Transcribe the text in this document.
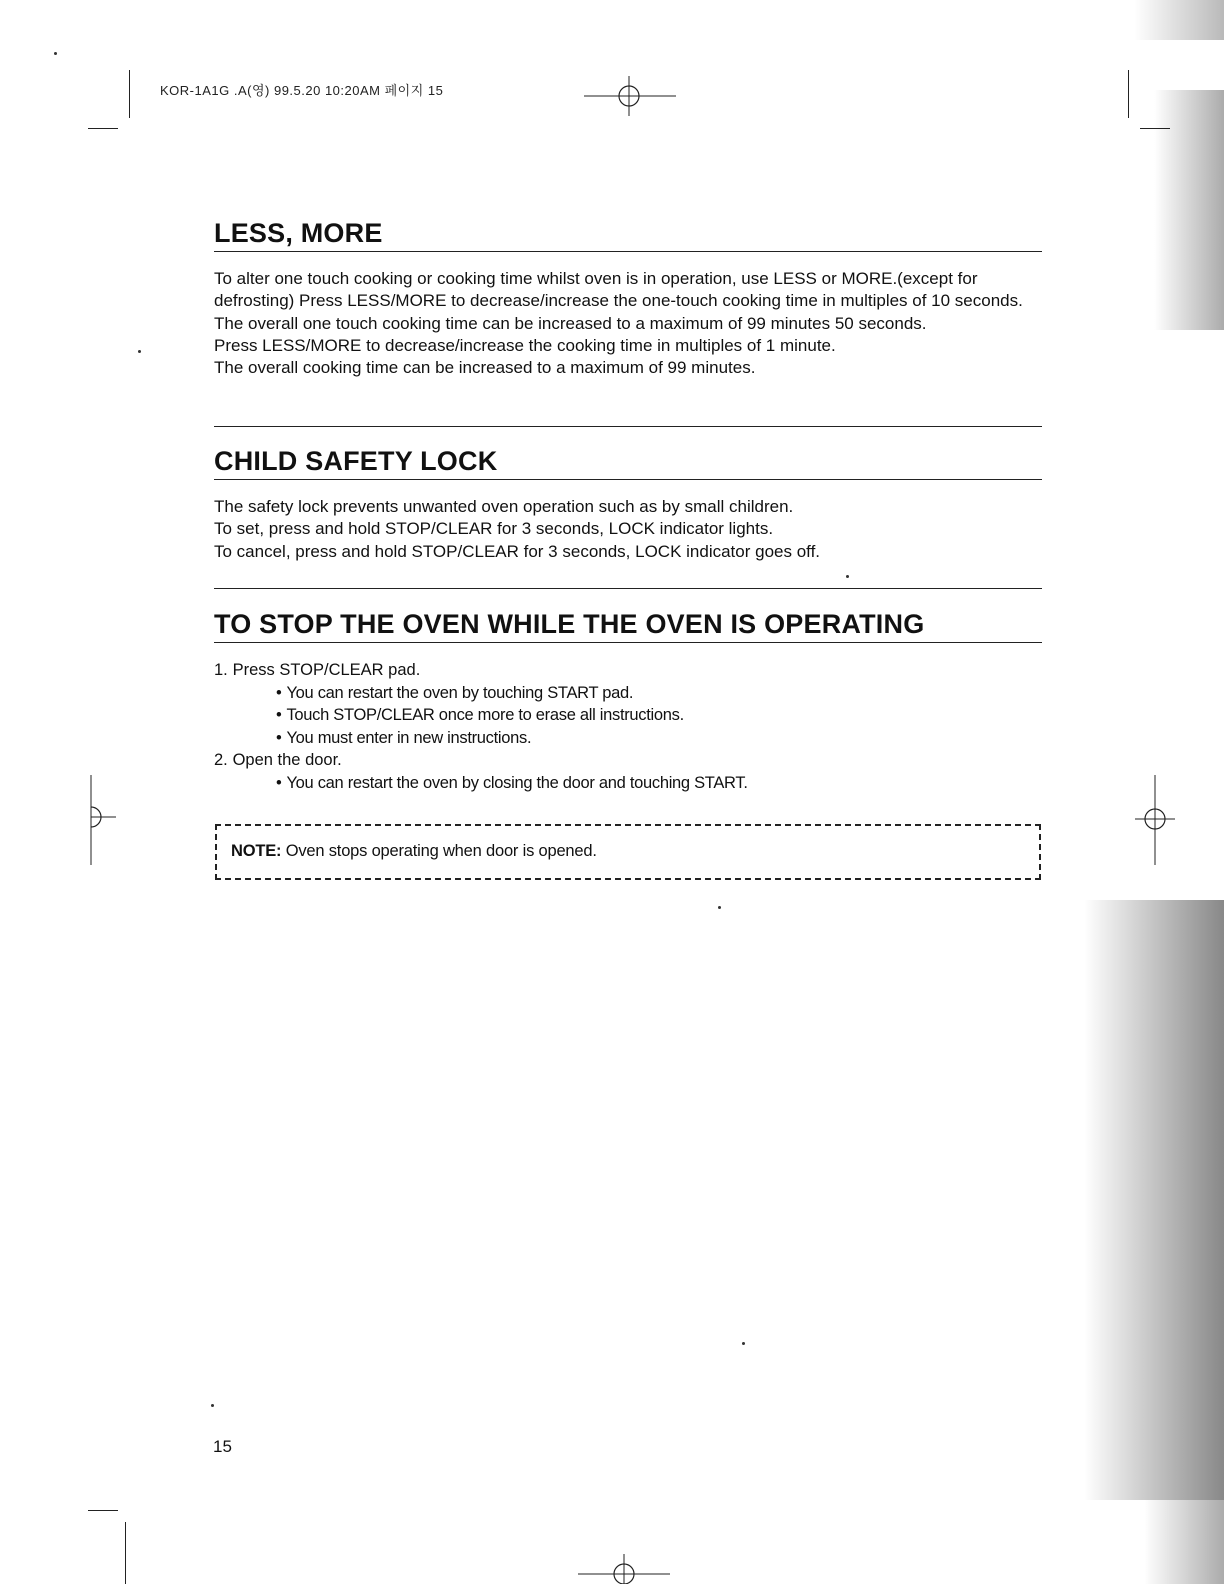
KOR-1A1G .A(영) 99.5.20 10:20AM 페이지 15
LESS, MORE

To alter one touch cooking or cooking time whilst oven is in operation, use LESS or MORE.(except for defrosting) Press LESS/MORE to decrease/increase the one-touch cooking time in multiples of 10 seconds.

The overall one touch cooking time can be increased to a maximum of 99 minutes 50 seconds.

Press LESS/MORE to decrease/increase the cooking time in multiples of 1 minute.

The overall cooking time can be increased to a maximum of 99 minutes.

CHILD SAFETY LOCK

The safety lock prevents unwanted oven operation such as by small children.

To set, press and hold STOP/CLEAR for 3 seconds, LOCK indicator lights.

To cancel, press and hold STOP/CLEAR for 3 seconds, LOCK indicator goes off.

TO STOP THE OVEN WHILE THE OVEN IS OPERATING
1. Press STOP/CLEAR pad.
• You can restart the oven by touching START pad.
• Touch STOP/CLEAR once more to erase all instructions.
• You must enter in new instructions.
2. Open the door.
• You can restart the oven by closing the door and touching START.
NOTE: Oven stops operating when door is opened.
15
